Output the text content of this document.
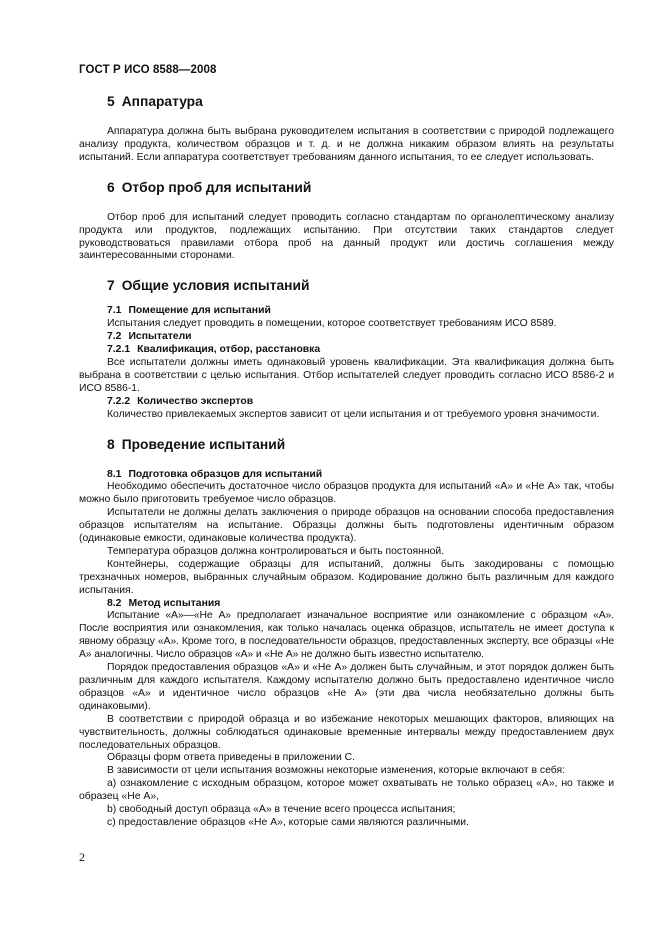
ГОСТ Р ИСО 8588—2008
5 Аппаратура

Аппаратура должна быть выбрана руководителем испытания в соответствии с природой подлежащего анализу продукта, количеством образцов и т. д. и не должна никаким образом влиять на результаты испытаний. Если аппаратура соответствует требованиям данного испытания, то ее следует использовать.

6 Отбор проб для испытаний

Отбор проб для испытаний следует проводить согласно стандартам по органолептическому анализу продукта или продуктов, подлежащих испытанию. При отсутствии таких стандартов следует руководствоваться правилами отбора проб на данный продукт или достичь соглашения между заинтересованными сторонами.

7 Общие условия испытаний

7.1 Помещение для испытаний

Испытания следует проводить в помещении, которое соответствует требованиям ИСО 8589.

7.2 Испытатели

7.2.1 Квалификация, отбор, расстановка

Все испытатели должны иметь одинаковый уровень квалификации. Эта квалификация должна быть выбрана в соответствии с целью испытания. Отбор испытателей следует проводить согласно ИСО 8586-2 и ИСО 8586-1.

7.2.2 Количество экспертов

Количество привлекаемых экспертов зависит от цели испытания и от требуемого уровня значимости.

8 Проведение испытаний

8.1 Подготовка образцов для испытаний

Необходимо обеспечить достаточное число образцов продукта для испытаний «А» и «Не А» так, чтобы можно было приготовить требуемое число образцов.

Испытатели не должны делать заключения о природе образцов на основании способа предоставления образцов испытателям на испытание. Образцы должны быть подготовлены идентичным образом (одинаковые емкости, одинаковые количества продукта).

Температура образцов должна контролироваться и быть постоянной.

Контейнеры, содержащие образцы для испытаний, должны быть закодированы с помощью трехзначных номеров, выбранных случайным образом. Кодирование должно быть различным для каждого испытания.

8.2 Метод испытания

Испытание «А»—«Не А» предполагает изначальное восприятие или ознакомление с образцом «А». После восприятия или ознакомления, как только началась оценка образцов, испытатель не имеет доступа к явному образцу «А». Кроме того, в последовательности образцов, предоставленных эксперту, все образцы «Не А» аналогичны. Число образцов «А» и «Не А» не должно быть известно испытателю.

Порядок предоставления образцов «А» и «Не А» должен быть случайным, и этот порядок должен быть различным для каждого испытателя. Каждому испытателю должно быть предоставлено идентичное число образцов «А» и идентичное число образцов «Не А» (эти два числа необязательно должны быть одинаковыми).

В соответствии с природой образца и во избежание некоторых мешающих факторов, влияющих на чувствительность, должны соблюдаться одинаковые временные интервалы между предоставлением двух последовательных образцов.

Образцы форм ответа приведены в приложении С.

В зависимости от цели испытания возможны некоторые изменения, которые включают в себя:

a) ознакомление с исходным образцом, которое может охватывать не только образец «А», но также и образец «Не А»,

b) свободный доступ образца «А» в течение всего процесса испытания;

c) предоставление образцов «Не А», которые сами являются различными.

2
